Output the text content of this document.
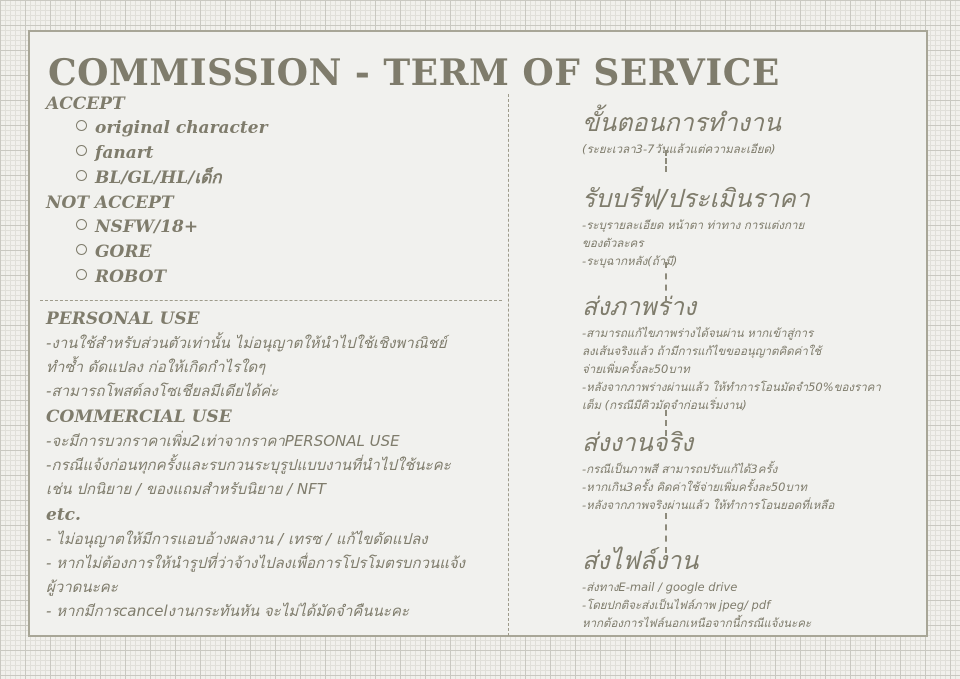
COMMISSION - TERM OF SERVICE
ACCEPT
original character
fanart
BL/GL/HL/เด็ก
NOT ACCEPT
NSFW/18+
GORE
ROBOT
PERSONAL USE
-งานใช้สำหรับส่วนตัวเท่านั้น ไม่อนุญาตให้นำไปใช้เชิงพาณิชย์
ทำซ้ำ ดัดแปลง ก่อให้เกิดกำไรใดๆ
-สามารถโพสต์ลงโซเชียลมีเดียได้ค่ะ
COMMERCIAL USE
-จะมีการบวกราคาเพิ่ม2เท่าจากราคาPERSONAL USE
-กรณีแจ้งก่อนทุกครั้งและรบกวนระบุรูปแบบงานที่นำไปใช้นะคะ
เช่น ปกนิยาย / ของแถมสำหรับนิยาย / NFT
etc.
- ไม่อนุญาตให้มีการแอบอ้างผลงาน / เทรซ / แก้ไขดัดแปลง
- หากไม่ต้องการให้นำรูปที่ว่าจ้างไปลงเพื่อการโปรโมตรบกวนแจ้ง
ผู้วาดนะคะ
- หากมีการcancelงานกระทันหัน จะไม่ได้มัดจำคืนนะคะ
ขั้นตอนการทำงาน
(ระยะเวลา3-7วันแล้วแต่ความละเอียด)
รับบรีฟ/ประเมินราคา
-ระบุรายละเอียด หน้าตา ท่าทาง การแต่งกาย
ของตัวละคร
-ระบุฉากหลัง(ถ้ามี)
ส่งภาพร่าง
-สามารถแก้ไขภาพร่างได้จนผ่าน หากเข้าสู่การ
ลงเส้นจริงแล้ว ถ้ามีการแก้ไขขออนุญาตคิดค่าใช้
จ่ายเพิ่มครั้งละ50บาท
-หลังจากภาพร่างผ่านแล้ว ให้ทำการโอนมัดจำ50%ของราคา
เต็ม (กรณีมีคิวมัดจำก่อนเริ่มงาน)
ส่งงานจริง
-กรณีเป็นภาพสี สามารถปรับแก้ได้3ครั้ง
-หากเกิน3ครั้ง คิดค่าใช้จ่ายเพิ่มครั้งละ50บาท
-หลังจากภาพจริงผ่านแล้ว ให้ทำการโอนยอดที่เหลือ
ส่งไฟล์งาน
-ส่งทางE-mail / google drive
-โดยปกติจะส่งเป็นไฟล์ภาพ jpeg/ pdf
หากต้องการไฟล์นอกเหนือจากนี้กรณีแจ้งนะคะ
